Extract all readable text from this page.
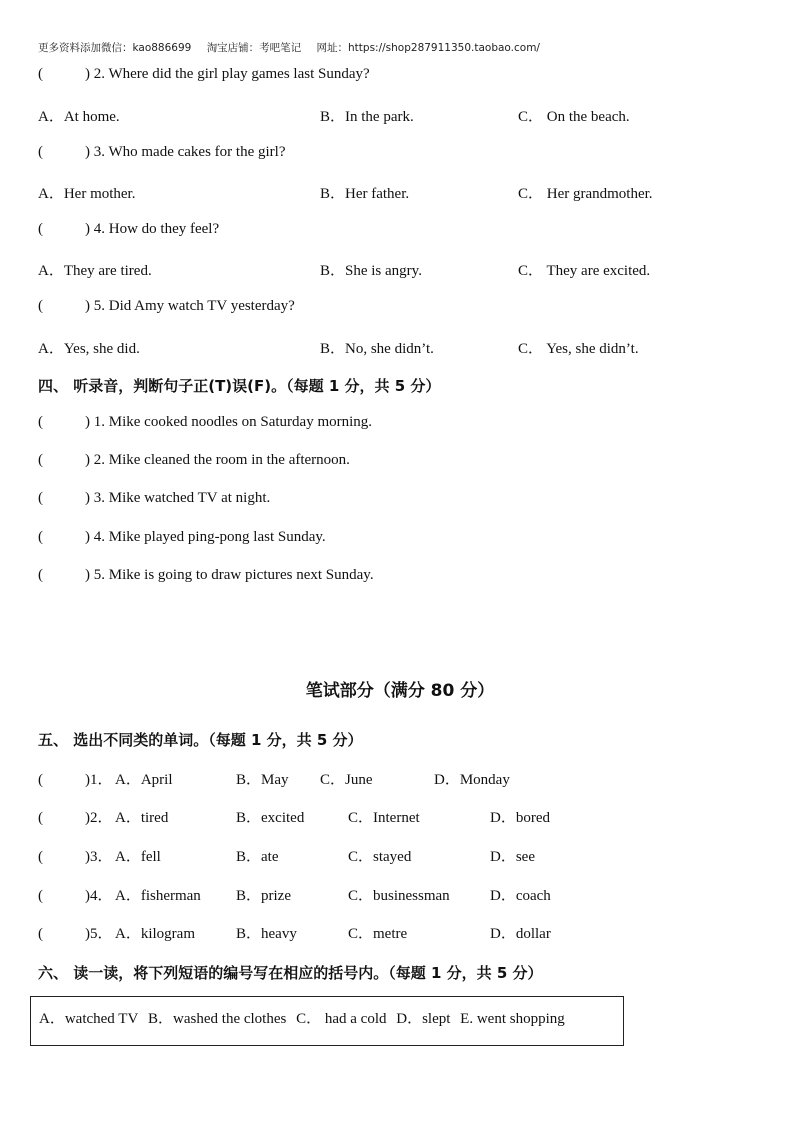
更多资料添加微信：kao886699 淘宝店铺：考吧笔记 网址：https://shop287911350.taobao.com/
(	) 2. Where did the girl play games last Sunday?
A．At home.	B．In the park.	C． On the beach.
(	) 3. Who made cakes for the girl?
A．Her mother.	B．Her father.	C． Her grandmother.
(	) 4. How do they feel?
A．They are tired.	B．She is angry.	C． They are excited.
(	) 5. Did Amy watch TV yesterday?
A．Yes, she did.	B．No, she didn’t.	C． Yes, she didn’t.
四、 听录音，判断句子正(T)误(F)。（每题 1 分，共 5 分）
(	) 1. Mike cooked noodles on Saturday morning.
(	) 2. Mike cleaned the room in the afternoon.
(	) 3. Mike watched TV at night.
(	) 4. Mike played ping-pong last Sunday.
(	) 5. Mike is going to draw pictures next Sunday.
笔试部分（满分 80 分）
五、 选出不同类的单词。（每题 1 分，共 5 分）
(	)1． A．April	B．May C．June	D．Monday
(	)2． A．tired	B．excited	C．Internet	D．bored
(	)3． A．fell	B．ate	C．stayed	D．see
(	)4． A．fisherman B．prize	C．businessman	D．coach
(	)5． A．kilogram	B．heavy	C．metre	D．dollar
六、 读一读，将下列短语的编号写在相应的括号内。（每题 1 分，共 5 分）
A．watched TV B．washed the clothes C． had a cold D．slept E. went shopping
